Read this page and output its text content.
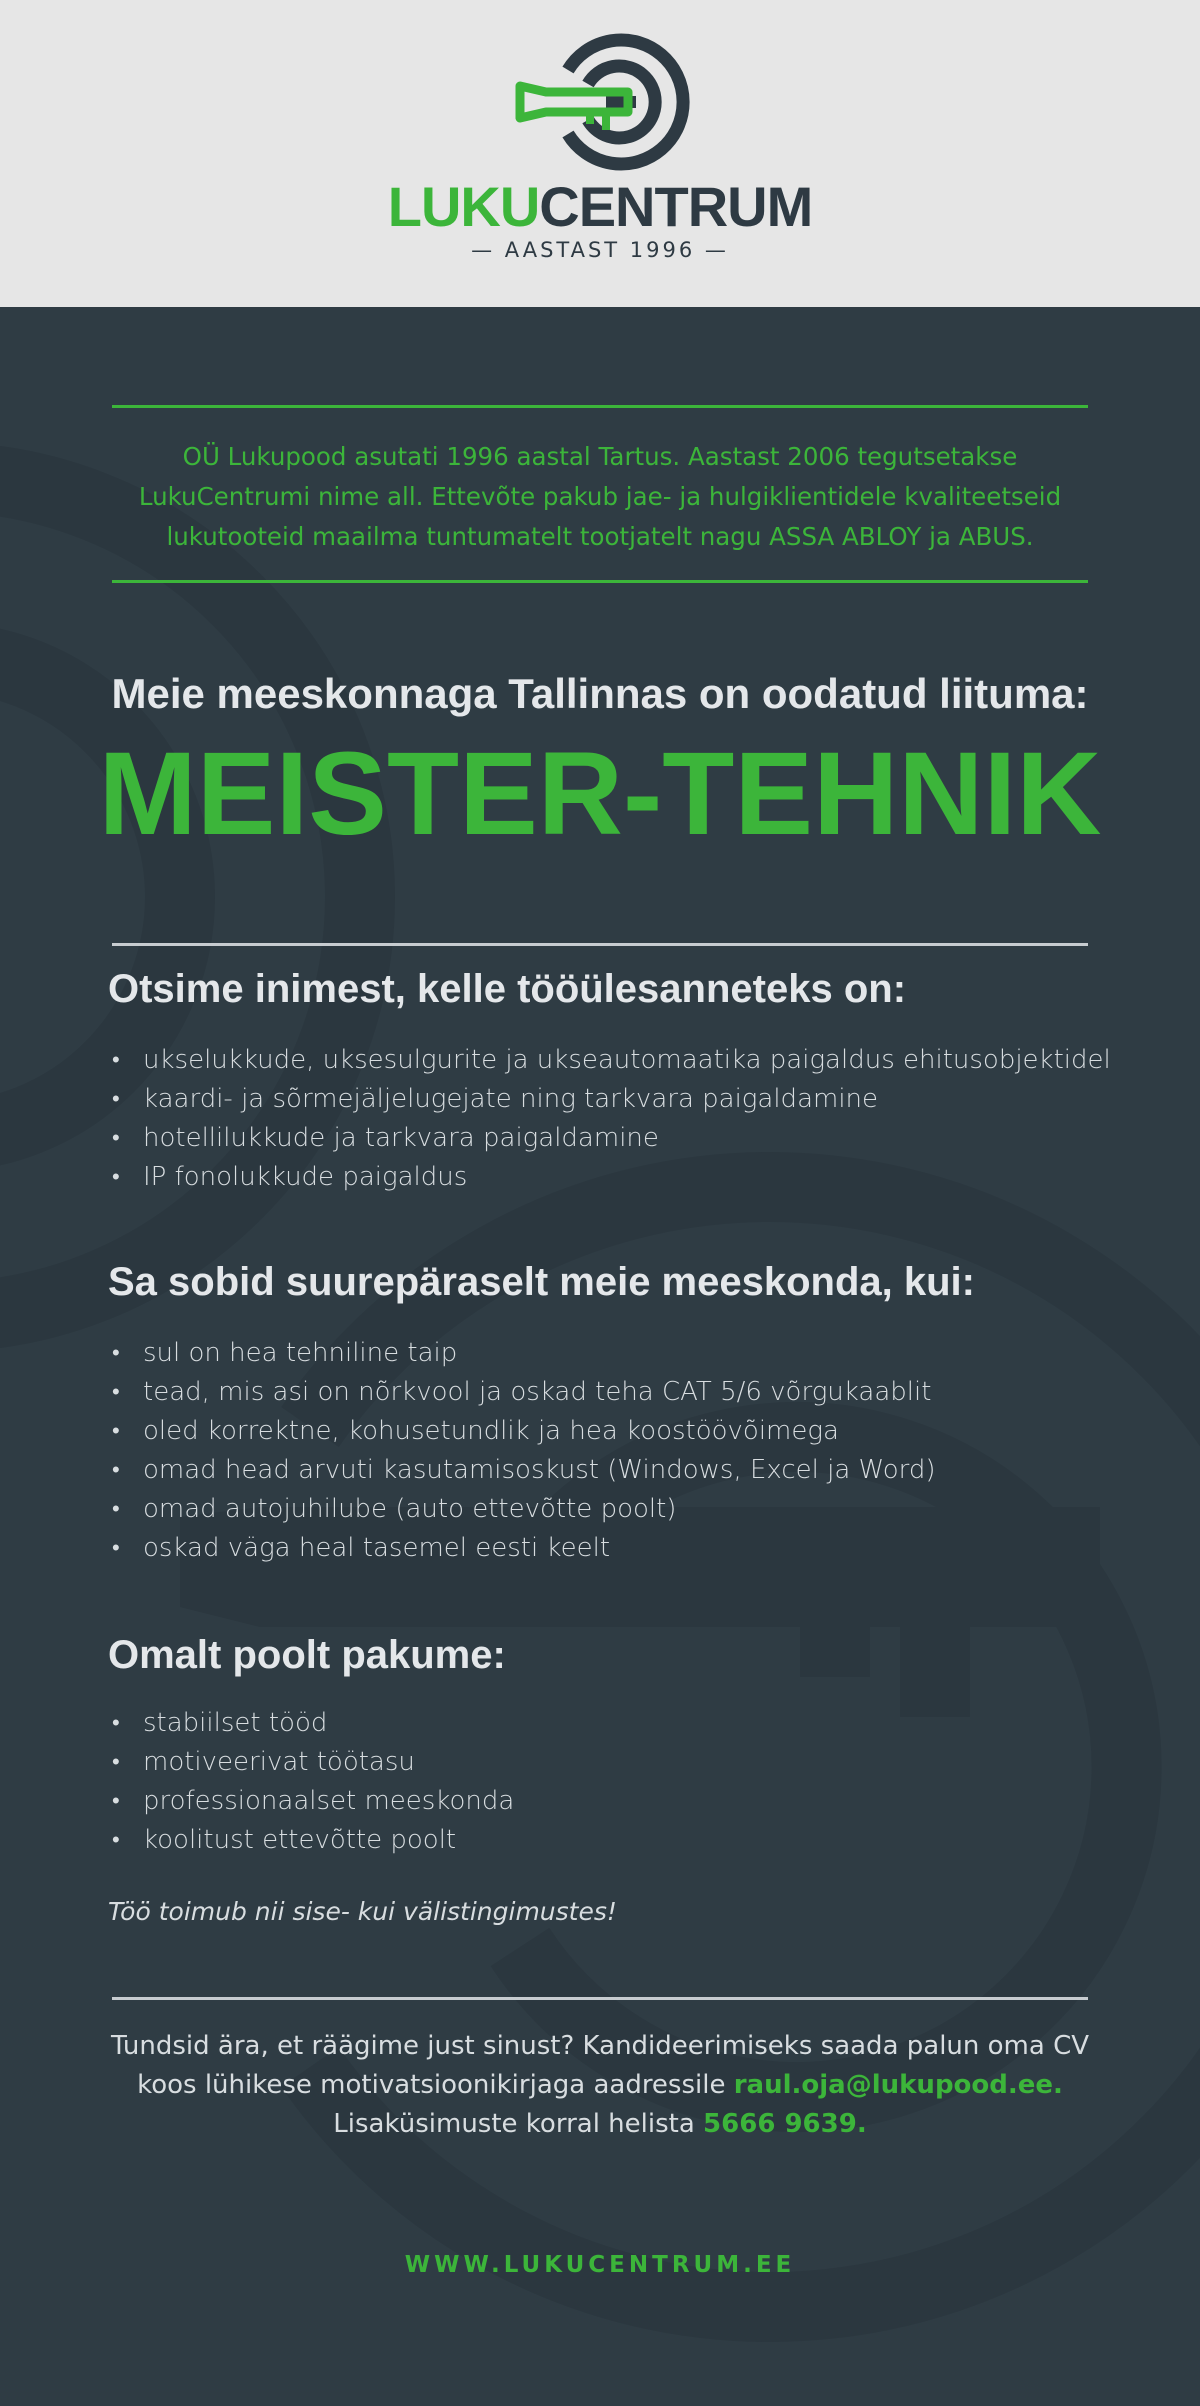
LUKUCENTRUM
— AASTAST 1996 —
OÜ Lukupood asutati 1996 aastal Tartus. Aastast 2006 tegutsetakse
LukuCentrumi nime all. Ettevõte pakub jae- ja hulgiklientidele kvaliteetseid
lukutooteid maailma tuntumatelt tootjatelt nagu ASSA ABLOY ja ABUS.
Meie meeskonnaga Tallinnas on oodatud liituma:
MEISTER-TEHNIK
Otsime inimest, kelle tööülesanneteks on:
• ukselukkude, uksesulgurite ja ukseautomaatika paigaldus ehitusobjektidel
• kaardi- ja sõrmejäljelugejate ning tarkvara paigaldamine
• hotellilukkude ja tarkvara paigaldamine
• IP fonolukkude paigaldus
Sa sobid suurepäraselt meie meeskonda, kui:
• sul on hea tehniline taip
• tead, mis asi on nõrkvool ja oskad teha CAT 5/6 võrgukaablit
• oled korrektne, kohusetundlik ja hea koostöövõimega
• omad head arvuti kasutamisoskust (Windows, Excel ja Word)
• omad autojuhilube (auto ettevõtte poolt)
• oskad väga heal tasemel eesti keelt
Omalt poolt pakume:
• stabiilset tööd
• motiveerivat töötasu
• professionaalset meeskonda
• koolitust ettevõtte poolt
Töö toimub nii sise- kui välistingimustes!
Tundsid ära, et räägime just sinust? Kandideerimiseks saada palun oma CV
koos lühikese motivatsioonikirjaga aadressile raul.oja@lukupood.ee.
Lisaküsimuste korral helista 5666 9639.
WWW.LUKUCENTRUM.EE
